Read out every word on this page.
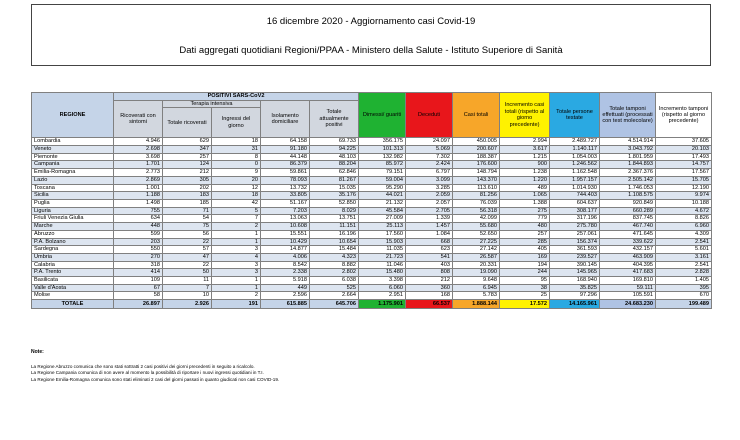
16 dicembre 2020 - Aggiornamento casi Covid-19
Dati aggregati quotidiani Regioni/PPAA - Ministero della Salute - Istituto Superiore di Sanità
REGIONE	POSITIVI SARS-CoV2					Dimessi/ guariti	Deceduti	Casi totali	Incremento casi totali (rispetto al giorno precedente)	Totale persone testate	Totale tamponi effettuati (processati con test molecolare)	Incremento tamponi (rispetto al giorno precedente)
	Ricoverati con sintomi	Terapia intensiva		Isolamento domiciliare	Totale attualmente positivi							
		Totale ricoverati	Ingressi del giorno									
Lombardia	4.946	629	18	64.158	69.733	356.175	24.097	450.005	2.994	2.489.727	4.514.914	37.605
Veneto	2.698	347	31	91.180	94.225	101.313	5.069	200.607	3.617	1.140.117	3.043.792	20.103
Piemonte	3.698	257	8	44.148	48.103	132.982	7.302	188.387	1.215	1.054.003	1.801.959	17.493
Campania	1.701	124	0	86.379	88.204	85.972	2.424	176.600	900	1.246.562	1.844.893	14.757
Emilia-Romagna	2.773	212	9	59.861	62.846	79.151	6.797	148.794	1.238	1.162.548	2.367.376	17.567
Lazio	2.869	305	20	78.093	81.267	59.004	3.099	143.370	1.220	1.957.157	2.505.142	15.705
Toscana	1.001	202	12	13.732	15.035	95.290	3.285	113.610	489	1.014.930	1.746.053	12.190
Sicilia	1.188	183	18	33.805	35.176	44.021	2.059	81.256	1.065	744.403	1.108.575	9.974
Puglia	1.498	185	42	51.167	52.850	21.132	2.057	76.039	1.388	604.637	920.849	10.188
Liguria	755	71	5	7.203	8.029	45.584	2.705	56.318	275	308.177	660.289	4.672
Friuli Venezia Giulia	634	54	7	13.063	13.751	27.009	1.339	42.099	779	317.196	837.745	8.826
Marche	448	75	2	10.608	11.151	25.113	1.457	55.680	480	275.780	467.740	6.960
Abruzzo	599	56	1	15.551	16.196	17.560	1.084	52.650	257	257.061	471.645	4.309
P.A. Bolzano	203	22	1	10.429	10.654	15.903	668	27.225	285	156.374	339.622	2.541
Sardegna	550	57	3	14.877	15.484	11.035	623	27.142	405	361.593	432.157	5.601
Umbria	270	47	4	4.006	4.323	21.723	541	26.587	169	239.527	463.909	3.161
Calabria	318	22	3	8.542	8.882	11.046	403	20.331	194	390.145	404.395	2.541
P.A. Trento	414	50	3	2.338	2.802	15.480	808	19.090	244	145.965	417.683	2.828
Basilicata	109	11	1	5.918	6.038	3.398	212	9.648	95	168.940	169.810	1.405
Valle d'Aosta	67	7	1	449	525	6.060	360	6.945	38	35.825	59.111	395
Molise	58	10	2	2.596	2.664	2.951	168	5.783	25	97.296	105.591	670
TOTALE	26.897	2.926	191	615.885	645.706	1.175.901	66.537	1.888.144	17.572	14.165.961	24.683.230	199.489
Note:
La Regione Abruzzo comunica che sono stati sottratti 2 casi positivi dei giorni precedenti in seguito a ricalcolo.
La Regione Campania comunica di non avere al momento la possibilità di riportare i nuovi ingressi quotidiani in T.I.
La Regione Emilia-Romagna comunica sono stati eliminati 2 casi del giorni passati in quanto giudicati non casi COVID-19.
